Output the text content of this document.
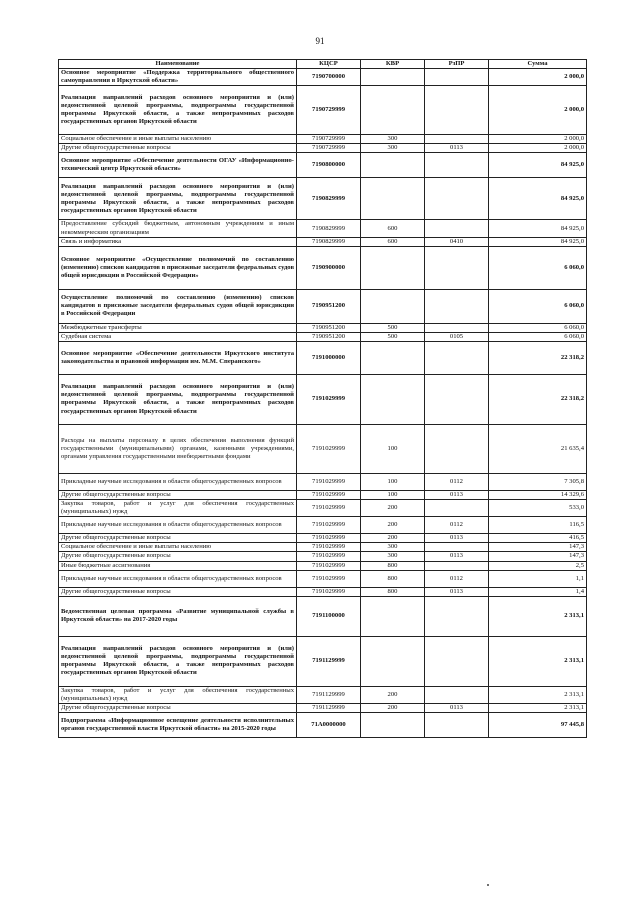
91
Наименование	КЦСР	КВР	РзПР	Сумма
Основное мероприятие «Поддержка территориального общественного самоуправления в Иркутской области»	7190700000			2 000,0
Реализация направлений расходов основного мероприятия и (или) ведомственной целевой программы, подпрограммы государственной программы Иркутской области, а также непрограммных расходов государственных органов Иркутской области	7190729999			2 000,0
Социальное обеспечение и иные выплаты населению	7190729999	300		2 000,0
Другие общегосударственные вопросы	7190729999	300	0113	2 000,0
Основное мероприятие «Обеспечение деятельности ОГАУ «Информационно-технический центр Иркутской области»	7190800000			84 925,0
Реализация направлений расходов основного мероприятия и (или) ведомственной целевой программы, подпрограммы государственной программы Иркутской области, а также непрограммных расходов государственных органов Иркутской области	7190829999			84 925,0
Предоставление субсидий бюджетным, автономным учреждениям и иным некоммерческим организациям	7190829999	600		84 925,0
Связь и информатика	7190829999	600	0410	84 925,0
Основное мероприятие «Осуществление полномочий по составлению (изменению) списков кандидатов в присяжные заседатели федеральных судов общей юрисдикции в Российской Федерации»	7190900000			6 060,0
Осуществление полномочий по составлению (изменению) списков кандидатов в присяжные заседатели федеральных судов общей юрисдикции в Российской Федерации	7190951200			6 060,0
Межбюджетные трансферты	7190951200	500		6 060,0
Судебная система	7190951200	500	0105	6 060,0
Основное мероприятие «Обеспечение деятельности Иркутского института законодательства и правовой информации им. М.М. Сперанского»	7191000000			22 318,2
Реализация направлений расходов основного мероприятия и (или) ведомственной целевой программы, подпрограммы государственной программы Иркутской области, а также непрограммных расходов государственных органов Иркутской области	7191029999			22 318,2
Расходы на выплаты персоналу в целях обеспечения выполнения функций государственными (муниципальными) органами, казенными учреждениями, органами управления государственными внебюджетными фондами	7191029999	100		21 635,4
Прикладные научные исследования в области общегосударственных вопросов	7191029999	100	0112	7 305,8
Другие общегосударственные вопросы	7191029999	100	0113	14 329,6
Закупка товаров, работ и услуг для обеспечения государственных (муниципальных) нужд	7191029999	200		533,0
Прикладные научные исследования в области общегосударственных вопросов	7191029999	200	0112	116,5
Другие общегосударственные вопросы	7191029999	200	0113	416,5
Социальное обеспечение и иные выплаты населению	7191029999	300		147,3
Другие общегосударственные вопросы	7191029999	300	0113	147,3
Иные бюджетные ассигнования	7191029999	800		2,5
Прикладные научные исследования в области общегосударственных вопросов	7191029999	800	0112	1,1
Другие общегосударственные вопросы	7191029999	800	0113	1,4
Ведомственная целевая программа «Развитие муниципальной службы в Иркутской области» на 2017-2020 годы	7191100000			2 313,1
Реализация направлений расходов основного мероприятия и (или) ведомственной целевой программы, подпрограммы государственной программы Иркутской области, а также непрограммных расходов государственных органов Иркутской области	7191129999			2 313,1
Закупка товаров, работ и услуг для обеспечения государственных (муниципальных) нужд	7191129999	200		2 313,1
Другие общегосударственные вопросы	7191129999	200	0113	2 313,1
Подпрограмма «Информационное освещение деятельности исполнительных органов государственной власти Иркутской области» на 2015-2020 годы	71А0000000			97 445,8
